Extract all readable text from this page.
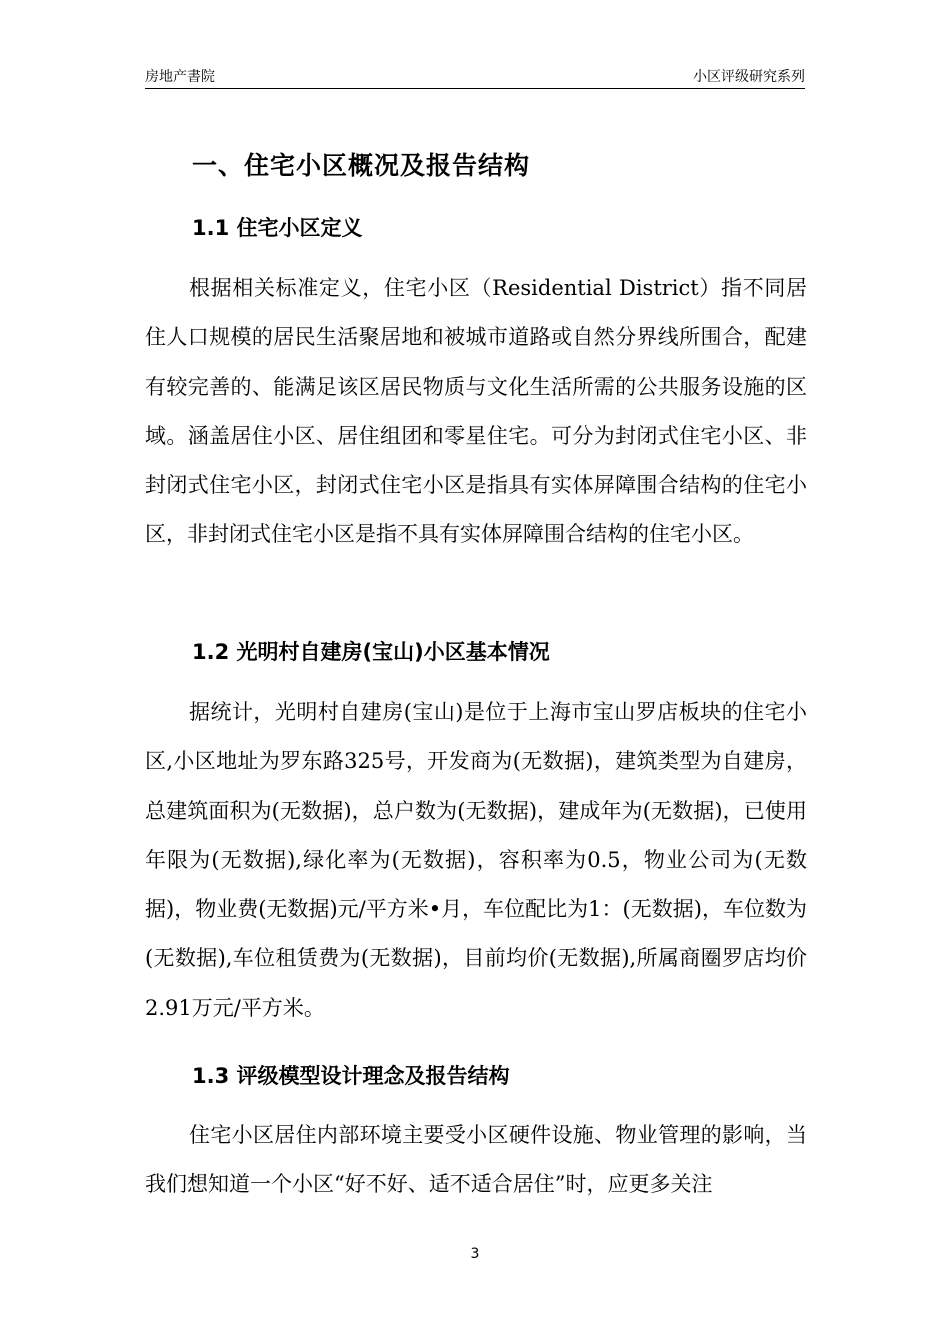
房地产書院	小区评级研究系列
一、住宅小区概况及报告结构
1.1 住宅小区定义

根据相关标准定义，住宅小区（Residential District）指不同居住人口规模的居民生活聚居地和被城市道路或自然分界线所围合，配建有较完善的、能满足该区居民物质与文化生活所需的公共服务设施的区域。涵盖居住小区、居住组团和零星住宅。可分为封闭式住宅小区、非封闭式住宅小区，封闭式住宅小区是指具有实体屏障围合结构的住宅小区，非封闭式住宅小区是指不具有实体屏障围合结构的住宅小区。

1.2 光明村自建房(宝山)小区基本情况

据统计，光明村自建房(宝山)是位于上海市宝山罗店板块的住宅小区,小区地址为罗东路325号，开发商为(无数据)，建筑类型为自建房，总建筑面积为(无数据)，总户数为(无数据)，建成年为(无数据)，已使用年限为(无数据),绿化率为(无数据)，容积率为0.5，物业公司为(无数据)，物业费(无数据)元/平方米•月，车位配比为1：(无数据)，车位数为(无数据),车位租赁费为(无数据)，目前均价(无数据),所属商圈罗店均价2.91万元/平方米。

1.3 评级模型设计理念及报告结构

住宅小区居住内部环境主要受小区硬件设施、物业管理的影响，当我们想知道一个小区“好不好、适不适合居住”时，应更多关注

3
